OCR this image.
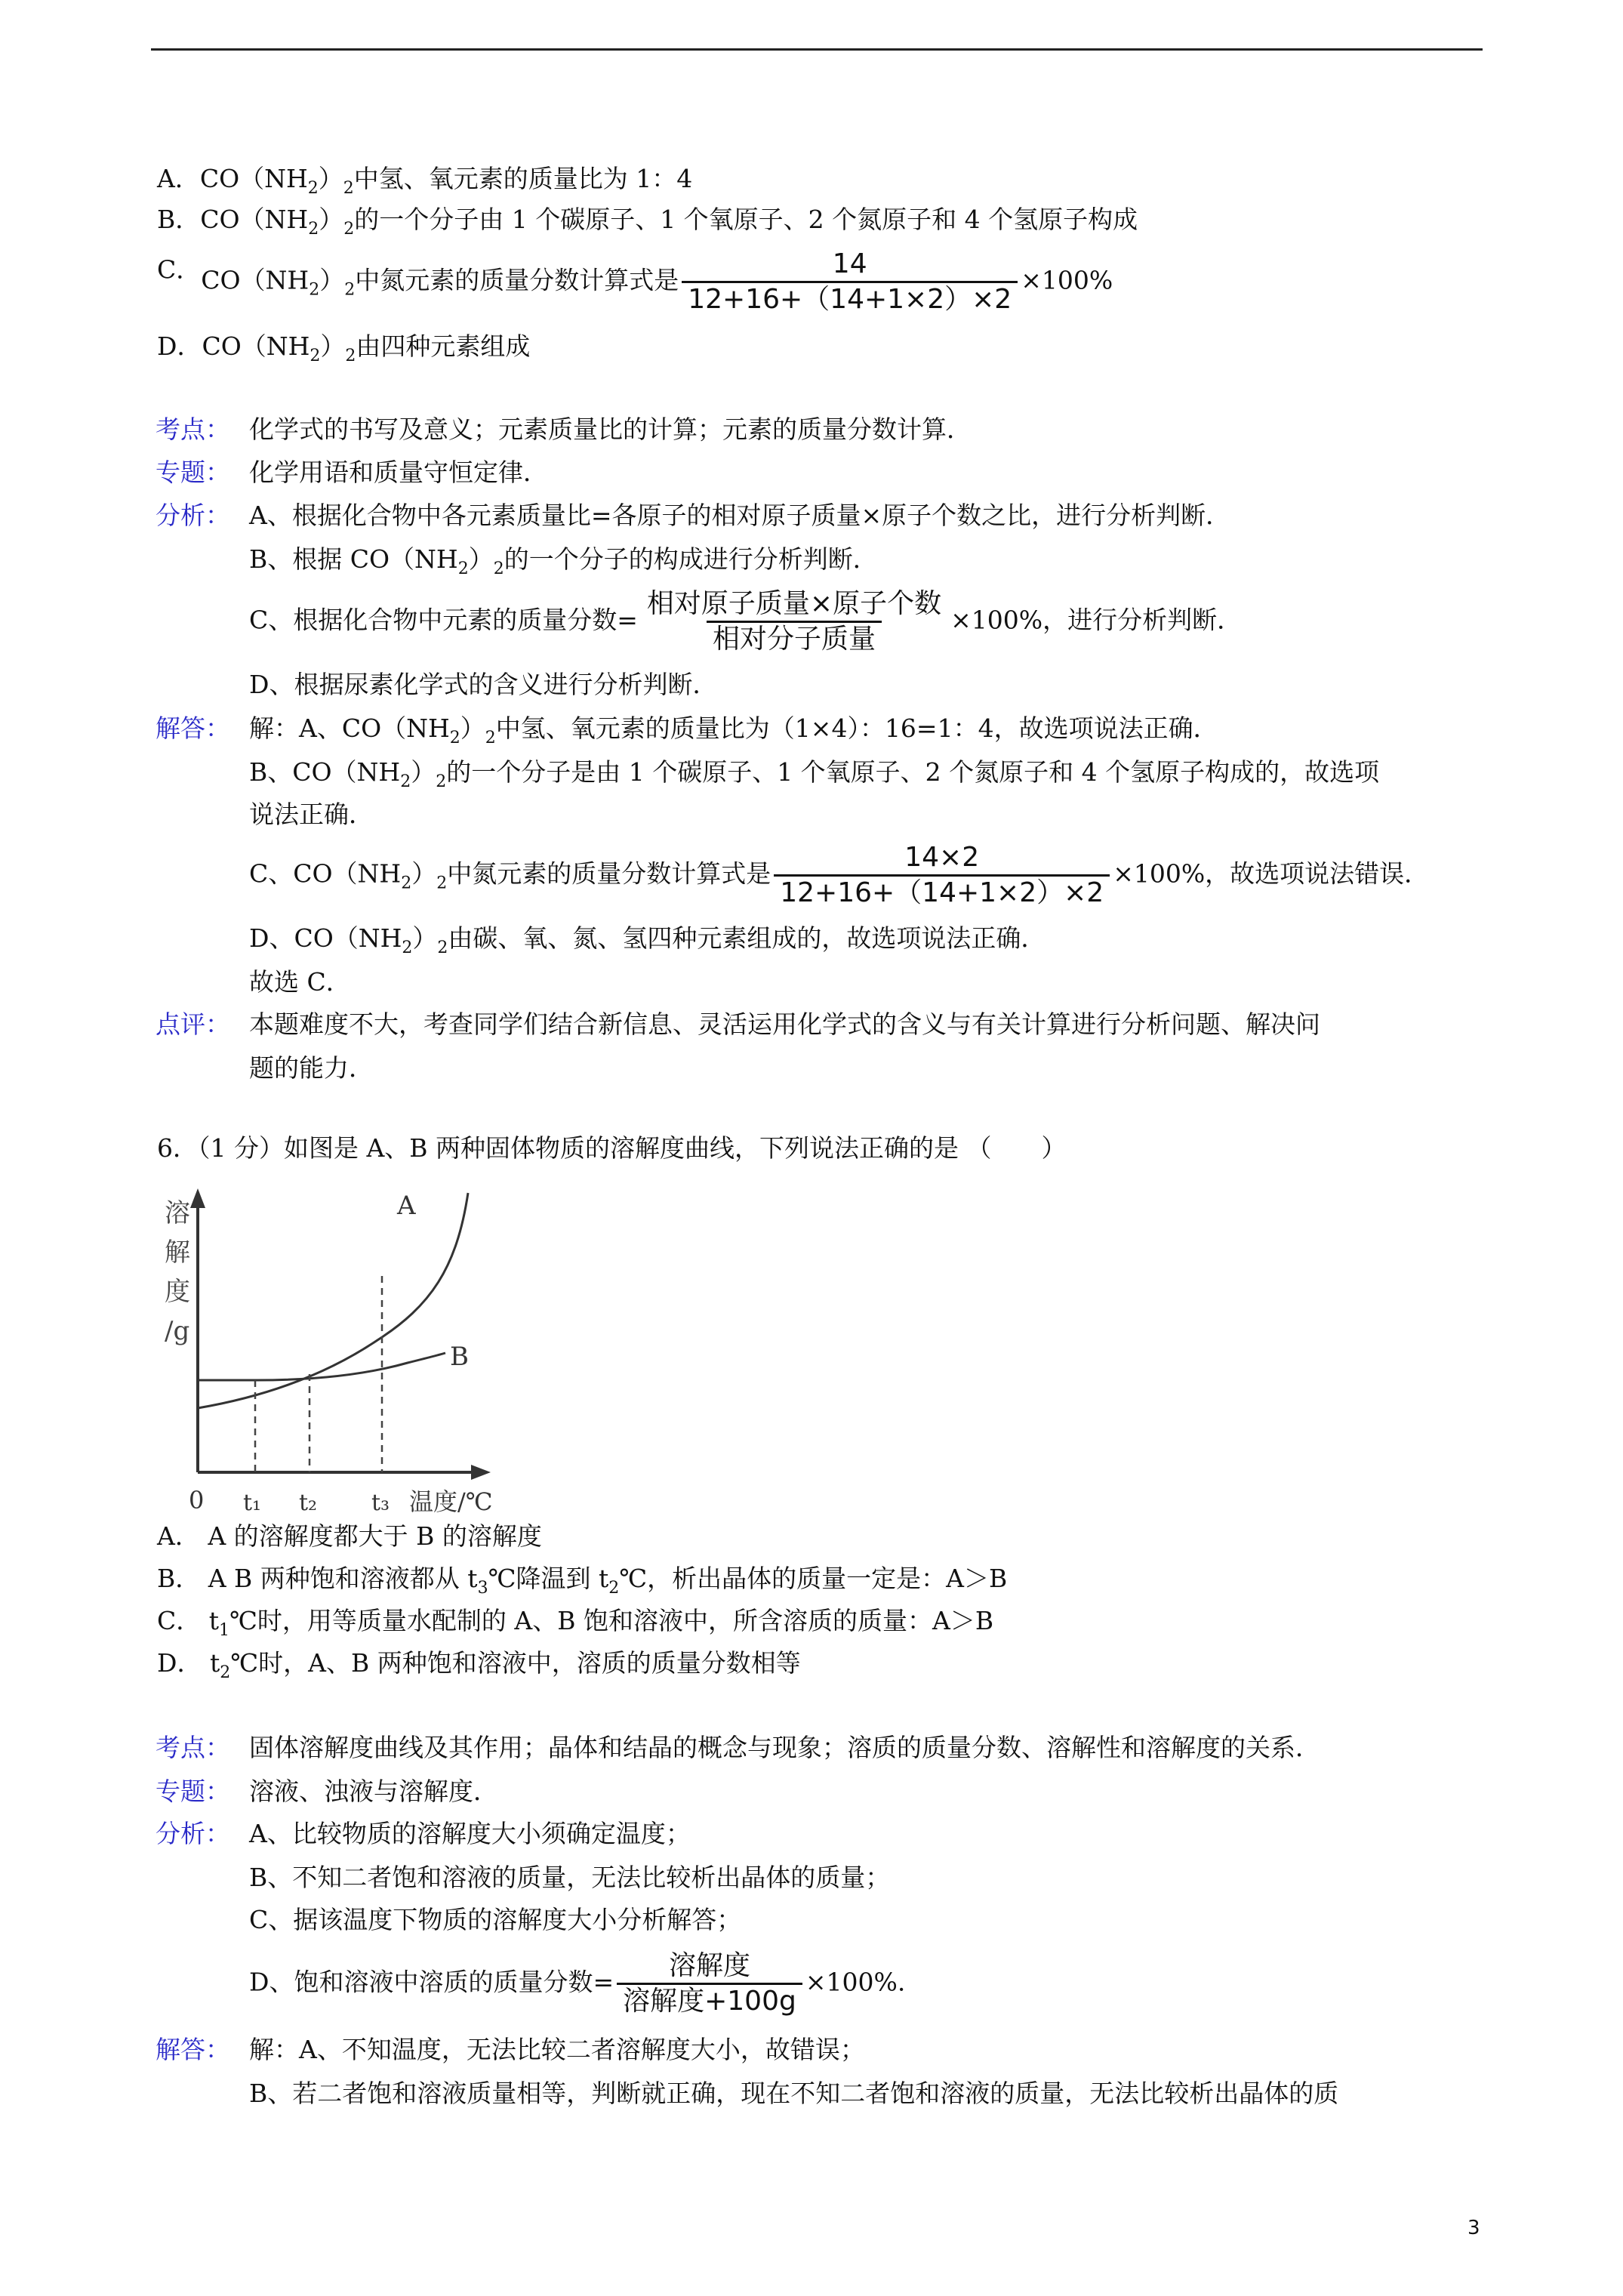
A．$CO(NH_2)_2$中氢、氧元素的质量比为 1：4
B．$CO(NH_2)_2$的一个分子由 1 个碳原子、1 个氧原子、2 个氮原子和 4 个氢原子构成
C．$CO(NH_2)_2$中氮元素的质量分数计算式是 $\frac{14}{12+16+(14+1\times 2)\times 2} \times 100\%$
D．$CO(NH_2)_2$由四种元素组成
考点： 化学式的书写及意义；元素质量比的计算；元素的质量分数计算．
专题： 化学用语和质量守恒定律．
分析： A、根据化合物中各元素质量比=各原子的相对原子质量×原子个数之比，进行分析判断．
B、根据 $CO(NH_2)_2$的一个分子的构成进行分析判断．
C、根据化合物中元素的质量分数= $\frac{\text{相对原子质量×原子个数}}{\text{相对分子质量}} \times 100\%$，进行分析判断．
D、根据尿素化学式的含义进行分析判断．
解答： 解：A、$CO(NH_2)_2$中氢、氧元素的质量比为（1×4）：16=1：4，故选项说法正确．
B、$CO(NH_2)_2$的一个分子是由 1 个碳原子、1 个氧原子、2 个氮原子和 4 个氢原子构成的，故选项
说法正确．
C、$CO(NH_2)_2$中氮元素的质量分数计算式是 $\frac{14\times 2}{12+16+(14+1\times 2)\times 2} \times 100\%$，故选项说法错误．
D、$CO(NH_2)_2$由碳、氧、氮、氢四种元素组成的，故选项说法正确．
故选 C．
点评： 本题难度不大，考查同学们结合新信息、灵活运用化学式的含义与有关计算进行分析问题、解决问
题的能力．
6．（1 分）如图是 A、B 两种固体物质的溶解度曲线，下列说法正确的是 （　　）
溶
解
度
/g
A
B
0 t₁ t₂ t₃ 温度/℃
A． A 的溶解度都大于 B 的溶解度
B． A B 两种饱和溶液都从 $t_3℃$降温到 $t_2℃$，析出晶体的质量一定是：A＞B
C． $t_1℃$时，用等质量水配制的 A、B 饱和溶液中，所含溶质的质量：A＞B
D． $t_2℃$时，A、B 两种饱和溶液中，溶质的质量分数相等
考点： 固体溶解度曲线及其作用；晶体和结晶的概念与现象；溶质的质量分数、溶解性和溶解度的关系．
专题： 溶液、浊液与溶解度．
分析： A、比较物质的溶解度大小须确定温度；
B、不知二者饱和溶液的质量，无法比较析出晶体的质量；
C、据该温度下物质的溶解度大小分析解答；
D、饱和溶液中溶质的质量分数= $\frac{\text{溶解度}}{\text{溶解度+100g}} \times 100\%$.
解答： 解：A、不知温度，无法比较二者溶解度大小，故错误；
B、若二者饱和溶液质量相等，判断就正确，现在不知二者饱和溶液的质量，无法比较析出晶体的质
3
